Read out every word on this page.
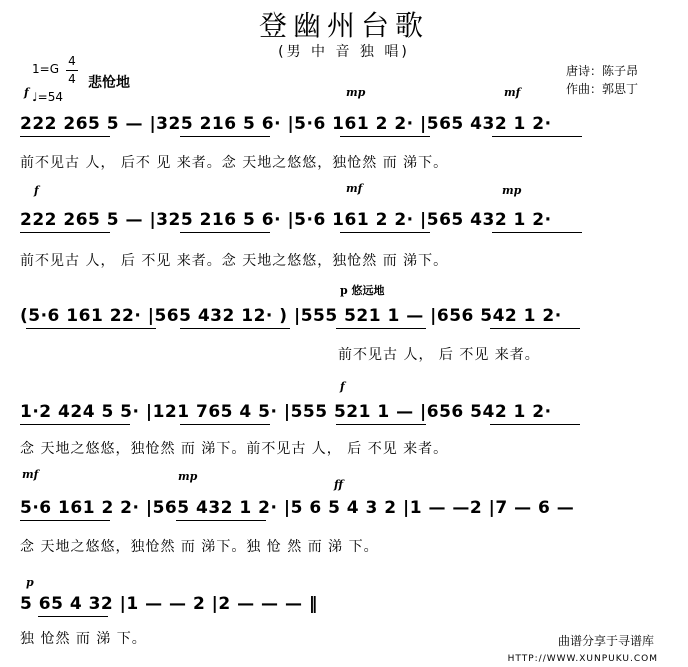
登幽州台歌
(男 中 音 独 唱)
1=G
4
4
♩=54
悲怆地
唐诗：陈子昂
作曲：郭思丁
f	mp	mf
222 265 5 — |325 216 5 6· |5·6 161 2 2· |565 432 1 2·
前不见古 人， 后不 见 来者。念 天地之悠悠，独怆然 而 涕下。
f	mf	mp
222 265 5 — |325 216 5 6· |5·6 161 2 2· |565 432 1 2·
前不见古 人， 后 不见 来者。念 天地之悠悠，独怆然 而 涕下。
p 悠远地
(5·6 161 22· |565 432 12· ) |555 521 1 — |656 542 1 2·
前不见古 人， 后 不见 来者。
f
1·2 424 5 5· |121 765 4 5· |555 521 1 — |656 542 1 2·
念 天地之悠悠，独怆然 而 涕下。前不见古 人， 后 不见 来者。
mf	mp
ff
5·6 161 2 2· |565 432 1 2· |5 6 5 4 3 2 |1 — —2 |7 — 6 —
念 天地之悠悠，独怆然 而 涕下。独 怆 然 而 涕 下。
p
5 65 4 32 |1 — — 2 |2 — — — ‖
独 怆然 而 涕 下。	曲谱分享于寻谱库
HTTP://WWW.XUNPUKU.COM
